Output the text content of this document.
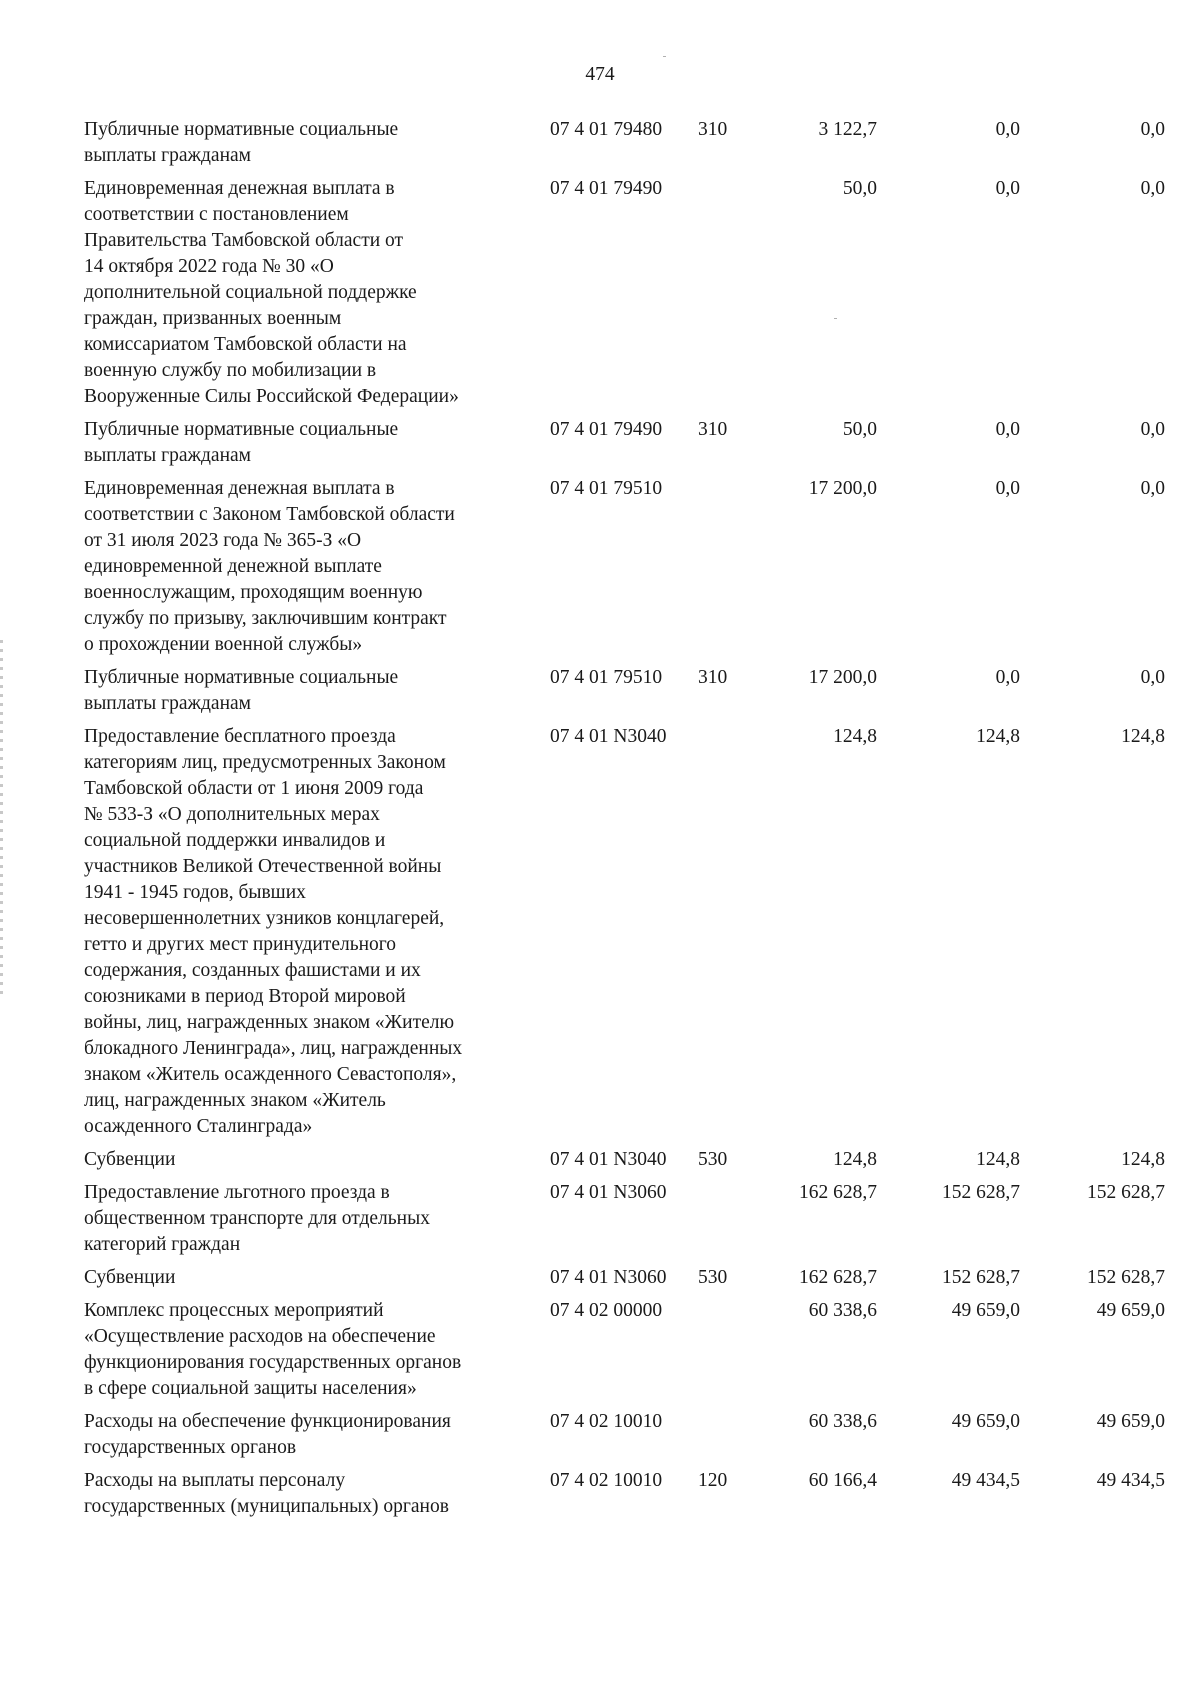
474
Публичные нормативные социальные
выплаты гражданам
07 4 01 79480 310	3 122,7	0,0	0,0
Единовременная денежная выплата в
соответствии с постановлением
Правительства Тамбовской области от
14 октября 2022 года № 30 «О
дополнительной социальной поддержке
граждан, призванных военным
комиссариатом Тамбовской области на
военную службу по мобилизации в
Вооруженные Силы Российской Федерации»
07 4 01 79490	50,0	0,0	0,0
Публичные нормативные социальные
выплаты гражданам
07 4 01 79490 310	50,0	0,0	0,0
Единовременная денежная выплата в
соответствии с Законом Тамбовской области
от 31 июля 2023 года № 365-З «О
единовременной денежной выплате
военнослужащим, проходящим военную
службу по призыву, заключившим контракт
о прохождении военной службы»
07 4 01 79510	17 200,0	0,0	0,0
Публичные нормативные социальные
выплаты гражданам
07 4 01 79510 310	17 200,0	0,0	0,0
Предоставление бесплатного проезда
категориям лиц, предусмотренных Законом
Тамбовской области от 1 июня 2009 года
№ 533-З «О дополнительных мерах
социальной поддержки инвалидов и
участников Великой Отечественной войны
1941 - 1945 годов, бывших
несовершеннолетних узников концлагерей,
гетто и других мест принудительного
содержания, созданных фашистами и их
союзниками в период Второй мировой
войны, лиц, награжденных знаком «Жителю
блокадного Ленинграда», лиц, награжденных
знаком «Житель осажденного Севастополя»,
лиц, награжденных знаком «Житель
осажденного Сталинграда»
07 4 01 N3040	124,8	124,8	124,8
Субвенции	07 4 01 N3040 530	124,8	124,8	124,8
Предоставление льготного проезда в
общественном транспорте для отдельных
категорий граждан
07 4 01 N3060	162 628,7	152 628,7	152 628,7
Субвенции	07 4 01 N3060 530	162 628,7	152 628,7	152 628,7
Комплекс процессных мероприятий
«Осуществление расходов на обеспечение
функционирования государственных органов
в сфере социальной защиты населения»
07 4 02 00000	60 338,6	49 659,0	49 659,0
Расходы на обеспечение функционирования
государственных органов
07 4 02 10010	60 338,6	49 659,0	49 659,0
Расходы на выплаты персоналу
государственных (муниципальных) органов
07 4 02 10010 120	60 166,4	49 434,5	49 434,5
